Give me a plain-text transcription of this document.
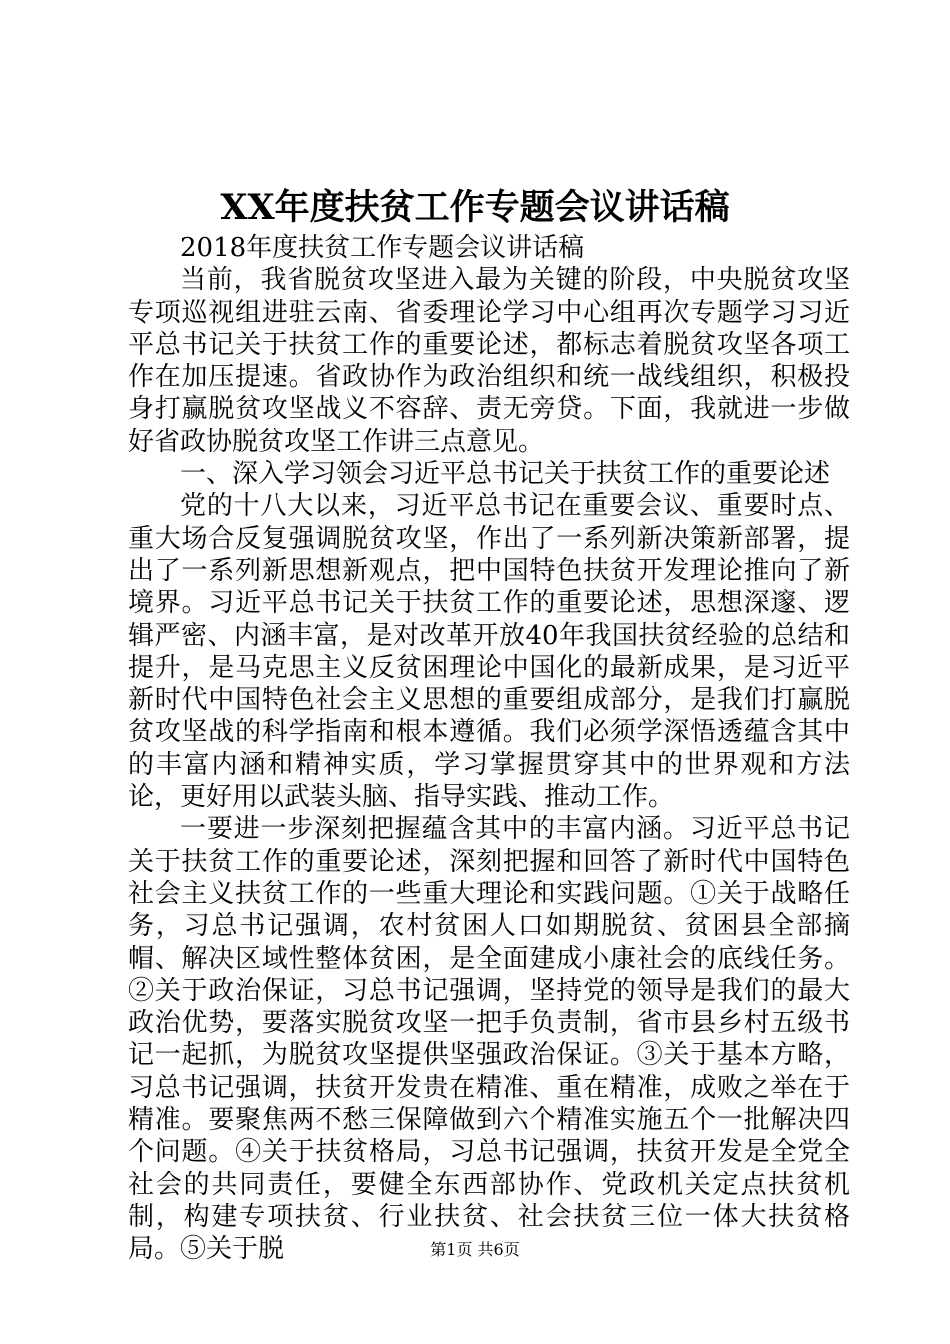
XX年度扶贫工作专题会议讲话稿

2018年度扶贫工作专题会议讲话稿

当前，我省脱贫攻坚进入最为关键的阶段，中央脱贫攻坚专项巡视组进驻云南、省委理论学习中心组再次专题学习习近平总书记关于扶贫工作的重要论述，都标志着脱贫攻坚各项工作在加压提速。省政协作为政治组织和统一战线组织，积极投身打赢脱贫攻坚战义不容辞、责无旁贷。下面，我就进一步做好省政协脱贫攻坚工作讲三点意见。

一、深入学习领会习近平总书记关于扶贫工作的重要论述

党的十八大以来，习近平总书记在重要会议、重要时点、重大场合反复强调脱贫攻坚，作出了一系列新决策新部署，提出了一系列新思想新观点，把中国特色扶贫开发理论推向了新境界。习近平总书记关于扶贫工作的重要论述，思想深邃、逻辑严密、内涵丰富，是对改革开放40年我国扶贫经验的总结和提升，是马克思主义反贫困理论中国化的最新成果，是习近平新时代中国特色社会主义思想的重要组成部分，是我们打赢脱贫攻坚战的科学指南和根本遵循。我们必须学深悟透蕴含其中的丰富内涵和精神实质，学习掌握贯穿其中的世界观和方法论，更好用以武装头脑、指导实践、推动工作。

一要进一步深刻把握蕴含其中的丰富内涵。习近平总书记关于扶贫工作的重要论述，深刻把握和回答了新时代中国特色社会主义扶贫工作的一些重大理论和实践问题。①关于战略任务，习总书记强调，农村贫困人口如期脱贫、贫困县全部摘帽、解决区域性整体贫困，是全面建成小康社会的底线任务。②关于政治保证，习总书记强调，坚持党的领导是我们的最大政治优势，要落实脱贫攻坚一把手负责制，省市县乡村五级书记一起抓，为脱贫攻坚提供坚强政治保证。③关于基本方略，习总书记强调，扶贫开发贵在精准、重在精准，成败之举在于精准。要聚焦两不愁三保障做到六个精准实施五个一批解决四个问题。④关于扶贫格局，习总书记强调，扶贫开发是全党全社会的共同责任，要健全东西部协作、党政机关定点扶贫机制，构建专项扶贫、行业扶贫、社会扶贫三位一体大扶贫格局。⑤关于脱	第1页 共6页
